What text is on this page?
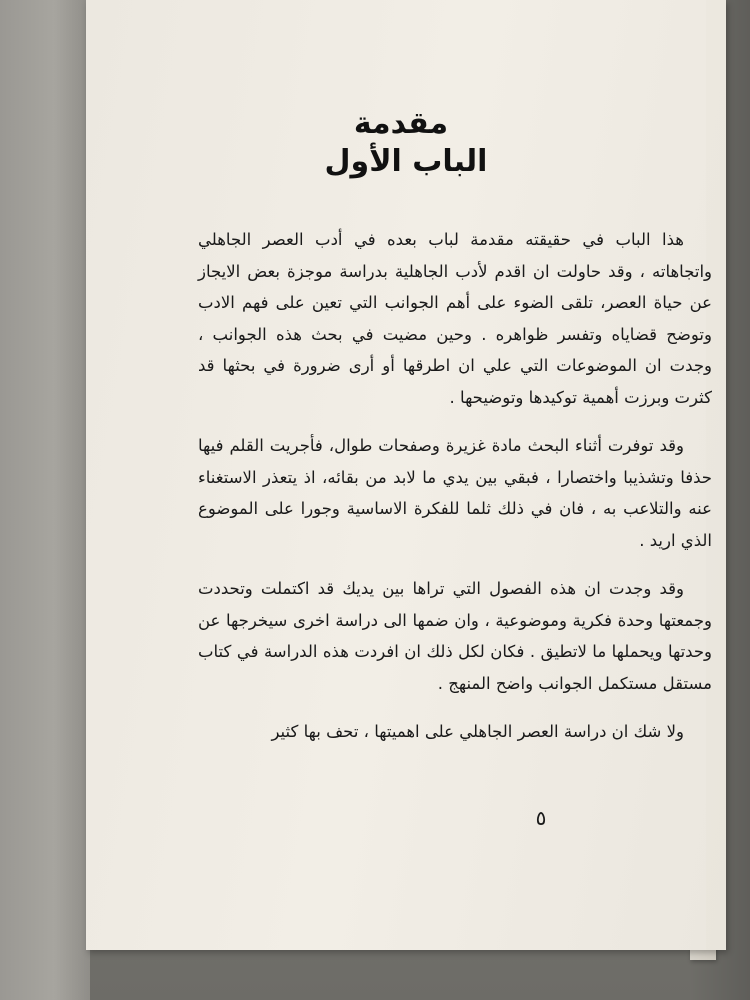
مقدمة
الباب الأول

هذا الباب في حقيقته مقدمة لباب بعده في أدب العصر الجاهلي واتجاهاته ، وقد حاولت ان اقدم لأدب الجاهلية بدراسة موجزة بعض الايجاز عن حياة العصر، تلقى الضوء على أهم الجوانب التي تعين على فهم الادب وتوضح قضاياه وتفسر ظواهره . وحين مضيت في بحث هذه الجوانب ، وجدت ان الموضوعات التي علي ان اطرقها أو أرى ضرورة في بحثها قد كثرت وبرزت أهمية توكيدها وتوضيحها .

وقد توفرت أثناء البحث مادة غزيرة وصفحات طوال، فأجريت القلم فيها حذفا وتشذيبا واختصارا ، فبقي بين يدي ما لابد من بقائه، اذ يتعذر الاستغناء عنه والتلاعب به ، فان في ذلك ثلما للفكرة الاساسية وجورا على الموضوع الذي اريد .

وقد وجدت ان هذه الفصول التي تراها بين يديك قد اكتملت وتحددت وجمعتها وحدة فكرية وموضوعية ، وان ضمها الى دراسة اخرى سيخرجها عن وحدتها ويحملها ما لاتطيق . فكان لكل ذلك ان افردت هذه الدراسة في كتاب مستقل مستكمل الجوانب واضح المنهج .

ولا شك ان دراسة العصر الجاهلي على اهميتها ، تحف بها كثير

٥
